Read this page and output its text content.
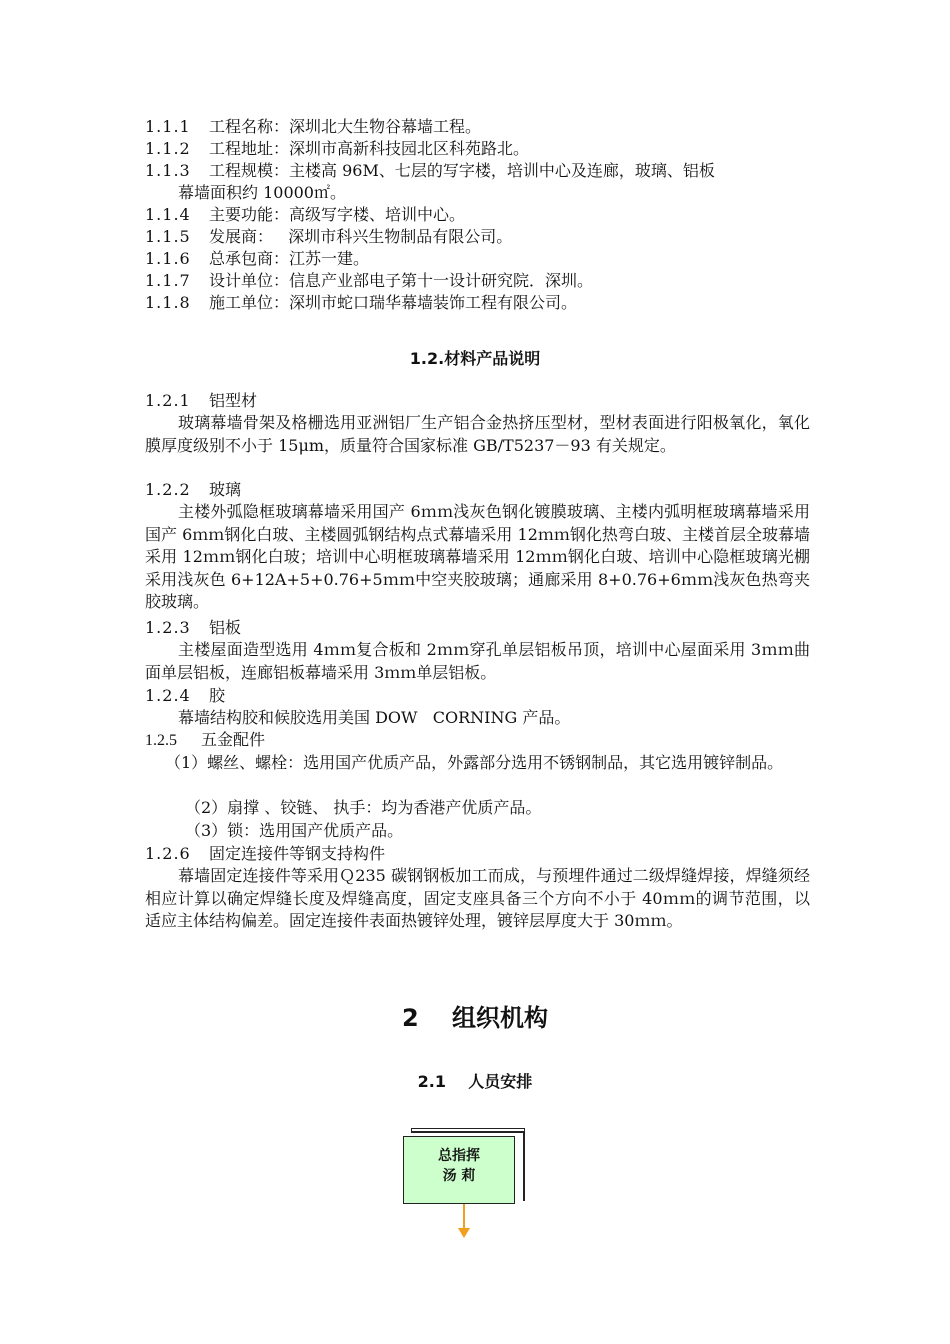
1.1.1 工程名称：深圳北大生物谷幕墙工程。
1.1.2 工程地址：深圳市高新科技园北区科苑路北。
1.1.3 工程规模：主楼高 96M、七层的写字楼，培训中心及连廊，玻璃、铝板
幕墙面积约 10000㎡。
1.1.4 主要功能：高级写字楼、培训中心。
1.1.5 发展商：   深圳市科兴生物制品有限公司。
1.1.6 总承包商：江苏一建。
1.1.7 设计单位：信息产业部电子第十一设计研究院．深圳。
1.1.8 施工单位：深圳市蛇口瑞华幕墙装饰工程有限公司。
1.2.材料产品说明
1.2.1 铝型材
玻璃幕墙骨架及格栅选用亚洲铝厂生产铝合金热挤压型材，型材表面进行阳极氧化，氧化膜厚度级别不小于 15μm，质量符合国家标准 GB/T5237－93 有关规定。
1.2.2 玻璃
主楼外弧隐框玻璃幕墙采用国产 6ｍｍ浅灰色钢化镀膜玻璃、主楼内弧明框玻璃幕墙采用国产 6ｍｍ钢化白玻、主楼圆弧钢结构点式幕墙采用 12ｍｍ钢化热弯白玻、主楼首层全玻幕墙采用 12ｍｍ钢化白玻；培训中心明框玻璃幕墙采用 12ｍｍ钢化白玻、培训中心隐框玻璃光棚采用浅灰色 6+12A+5+0.76+5ｍｍ中空夹胶玻璃；通廊采用 8+0.76+6ｍｍ浅灰色热弯夹胶玻璃。
1.2.3 铝板
主楼屋面造型选用 4ｍｍ复合板和 2ｍｍ穿孔单层铝板吊顶，培训中心屋面采用 3ｍｍ曲面单层铝板，连廊铝板幕墙采用 3ｍｍ单层铝板。
1.2.4 胶
幕墙结构胶和候胶选用美国 DOW   CORNING 产品。
1.2.5 五金配件
（1）螺丝、螺栓：选用国产优质产品，外露部分选用不锈钢制品，其它选用镀锌制品。
（2）扇撑 、铰链、 执手：均为香港产优质产品。
（3）锁：选用国产优质产品。
1.2.6 固定连接件等钢支持构件
幕墙固定连接件等采用Ｑ235 碳钢钢板加工而成，与预埋件通过二级焊缝焊接，焊缝须经相应计算以确定焊缝长度及焊缝高度，固定支座具备三个方向不小于 40ｍｍ的调节范围，以适应主体结构偏差。固定连接件表面热镀锌处理，镀锌层厚度大于 30ｍｍ。
2    组织机构
2.1    人员安排
总指挥
汤 莉
